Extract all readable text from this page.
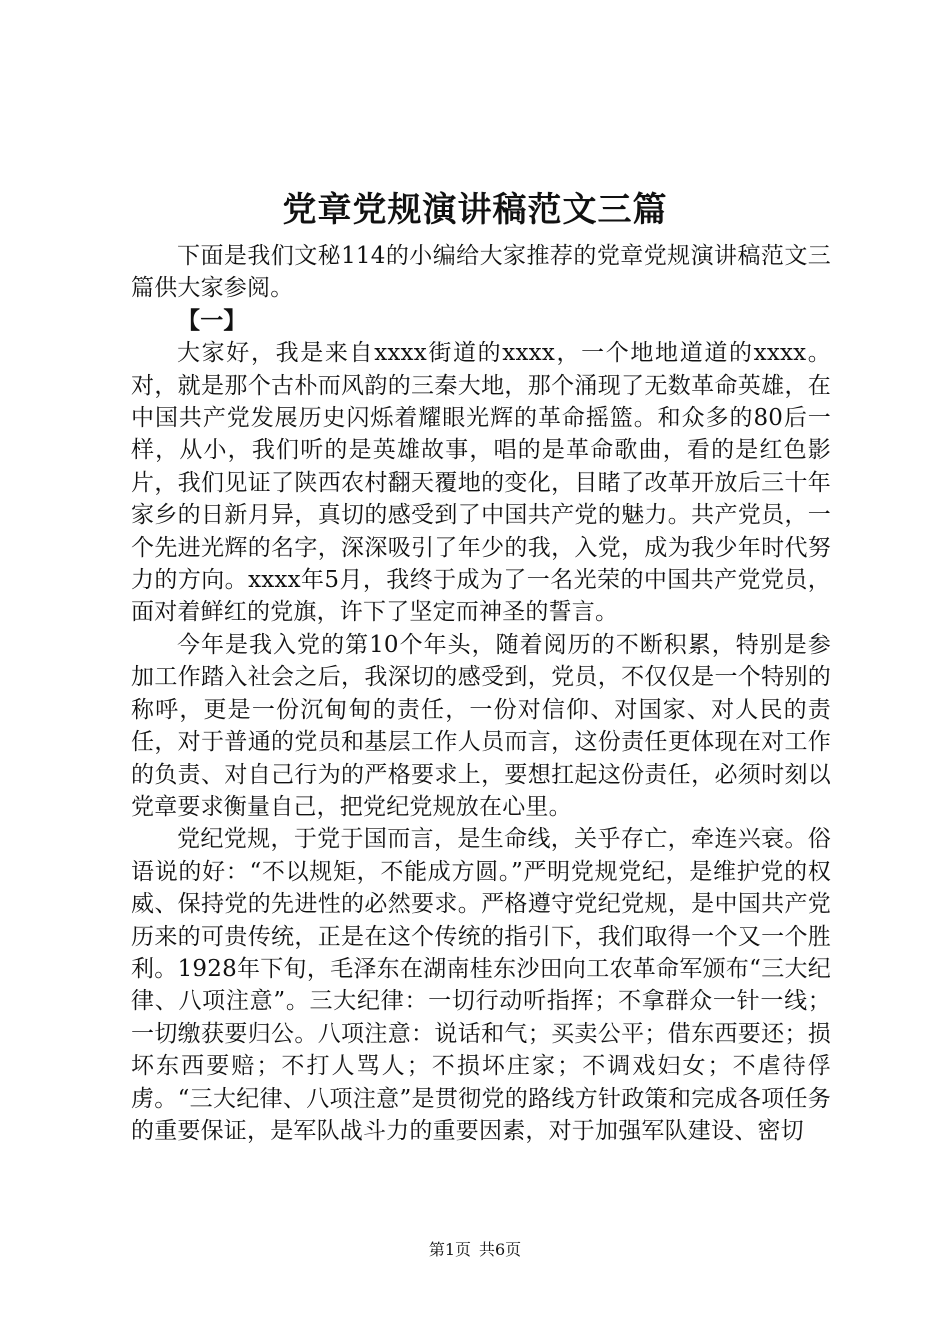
党章党规演讲稿范文三篇

下面是我们文秘114的小编给大家推荐的党章党规演讲稿范文三篇供大家参阅。

【一】

大家好，我是来自xxxx街道的xxxx，一个地地道道的xxxx。对，就是那个古朴而风韵的三秦大地，那个涌现了无数革命英雄，在中国共产党发展历史闪烁着耀眼光辉的革命摇篮。和众多的80后一样，从小，我们听的是英雄故事，唱的是革命歌曲，看的是红色影片，我们见证了陕西农村翻天覆地的变化，目睹了改革开放后三十年家乡的日新月异，真切的感受到了中国共产党的魅力。共产党员，一个先进光辉的名字，深深吸引了年少的我，入党，成为我少年时代努力的方向。xxxx年5月，我终于成为了一名光荣的中国共产党党员，面对着鲜红的党旗，许下了坚定而神圣的誓言。

今年是我入党的第10个年头，随着阅历的不断积累，特别是参加工作踏入社会之后，我深切的感受到，党员，不仅仅是一个特别的称呼，更是一份沉甸甸的责任，一份对信仰、对国家、对人民的责任，对于普通的党员和基层工作人员而言，这份责任更体现在对工作的负责、对自己行为的严格要求上，要想扛起这份责任，必须时刻以党章要求衡量自己，把党纪党规放在心里。

党纪党规，于党于国而言，是生命线，关乎存亡，牵连兴衰。俗语说的好：“不以规矩，不能成方圆。”严明党规党纪，是维护党的权威、保持党的先进性的必然要求。严格遵守党纪党规，是中国共产党历来的可贵传统，正是在这个传统的指引下，我们取得一个又一个胜利。1928年下旬，毛泽东在湖南桂东沙田向工农革命军颁布“三大纪律、八项注意”。三大纪律：一切行动听指挥；不拿群众一针一线；一切缴获要归公。八项注意：说话和气；买卖公平；借东西要还；损坏东西要赔；不打人骂人；不损坏庄家；不调戏妇女；不虐待俘虏。“三大纪律、八项注意”是贯彻党的路线方针政策和完成各项任务的重要保证，是军队战斗力的重要因素，对于加强军队建设、密切

第1页 共6页
